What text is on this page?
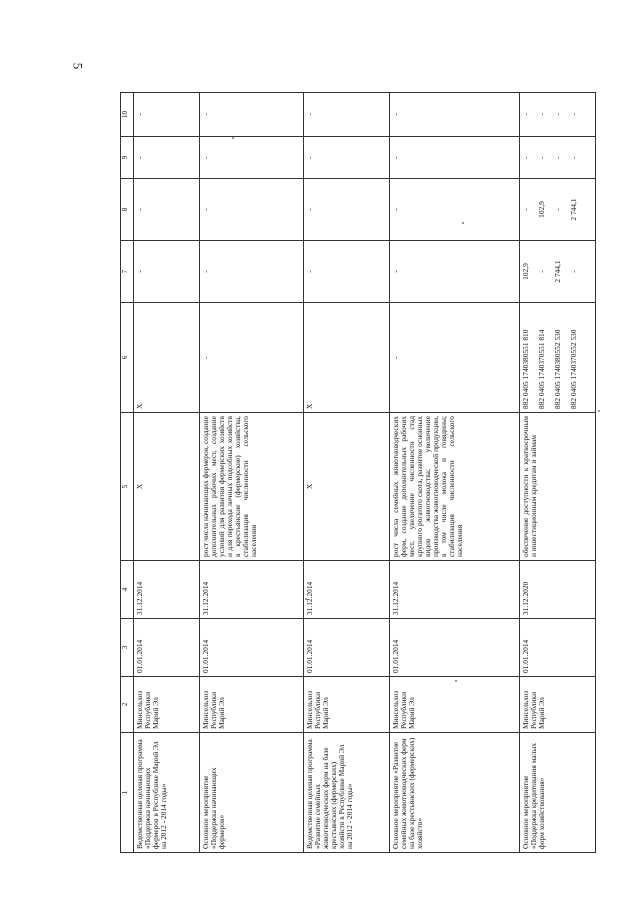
5
1	2	3	4	5	6	7	8	9	10
Ведомственная целевая программа «Поддержка начинающих фермеров в Республике Марий Эл на 2012 - 2014 годы»	Минсельхоз Республики Марий Эл	01.01.2014	31.12.2014	X	X	-	-	-	-
Основное мероприятие «Поддержка начинающих фермеров»	Минсельхоз Республики Марий Эл	01.01.2014	31.12.2014	рост числа начинающих фермеров, создание дополнительных рабочих мест, создание условий для развития фермерских хозяйств и для перехода личных подсобных хозяйств в крестьянские (фермерские) хозяйства, стабилизация численности сельского населения	-	-	-	-	-
Ведомственная целевая программа «Развитие семейных животноводческих ферм на базе крестьянских (фермерских) хозяйств в Республике Марий Эл на 2012 - 2014 годы»	Минсельхоз Республики Марий Эл	01.01.2014	31.12.2014	X	X	-	-	-	-
Основное мероприятие «Развитие семейных животноводческих ферм на базе крестьянских (фермерских) хозяйств»	Минсельхоз Республики Марий Эл	01.01.2014	31.12.2014	рост числа семейных животноводческих ферм, создание дополнительных рабочих мест, увеличение численности стад крупного рогатого скота, развитие основных видов животноводства; увеличение производства животноводческой продукции, в том числе молока и говядины; стабилизация численности сельского населения	-	-	-	-	-
Основное мероприятие «Поддержка кредитования малых форм хозяйствования»	Минсельхоз Республики Марий Эл	01.01.2014	31.12.2020	обеспечение доступности к краткосрочным и инвестиционным кредитам и займам	882 0405 1740380551 810 882 0405 1740370551 814 882 0405 1740380552 530 882 0405 1740370552 530	102,9 - 2 744,1 -	- 102,9 - 2 744,1	- - - -	- - - -
